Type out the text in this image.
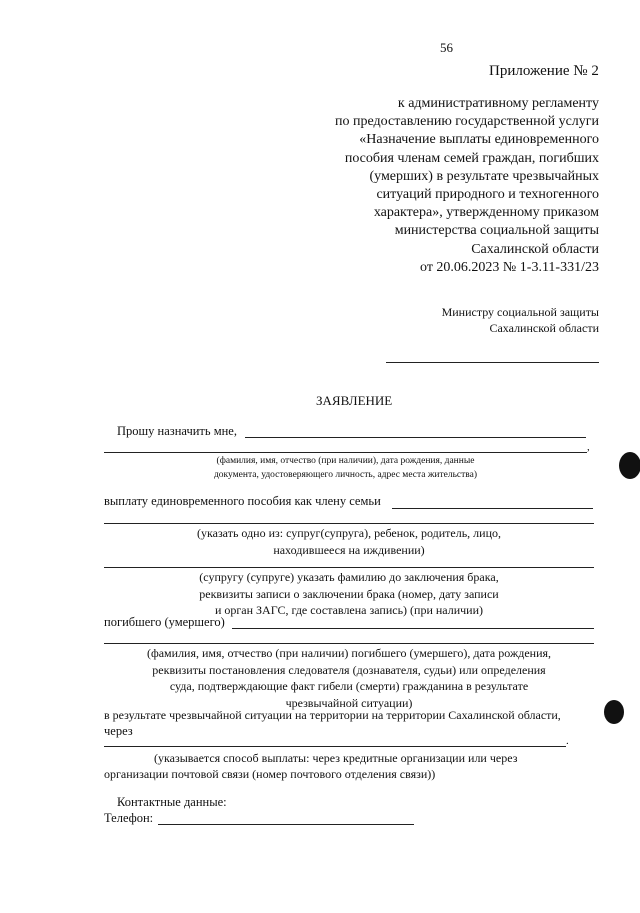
56
Приложение № 2
к административному регламенту
по предоставлению государственной услуги
«Назначение выплаты единовременного
пособия членам семей граждан, погибших
(умерших) в результате чрезвычайных
ситуаций природного и техногенного
характера», утвержденному приказом
министерства социальной защиты
Сахалинской области
от 20.06.2023 № 1-3.11-331/23
Министру социальной защиты
Сахалинской области
ЗАЯВЛЕНИЕ
Прошу назначить мне,
,
(фамилия, имя, отчество (при наличии), дата рождения, данные
документа, удостоверяющего личность, адрес места жительства)
выплату единовременного пособия как члену семьи
(указать одно из: супруг(супруга), ребенок, родитель, лицо,
находившееся на иждивении)
(супругу (супруге) указать фамилию до заключения брака,
реквизиты записи о заключении брака (номер, дату записи
и орган ЗАГС, где составлена запись) (при наличии)
погибшего (умершего)
(фамилия, имя, отчество (при наличии) погибшего (умершего), дата рождения,
реквизиты постановления следователя (дознавателя, судьи) или определения
суда, подтверждающие факт гибели (смерти) гражданина в результате
чрезвычайной ситуации)
в результате чрезвычайной ситуации на территории на территории Сахалинской области,
через
.
(указывается способ выплаты: через кредитные организации или через
организации почтовой связи (номер почтового отделения связи))
Контактные данные:
Телефон:
